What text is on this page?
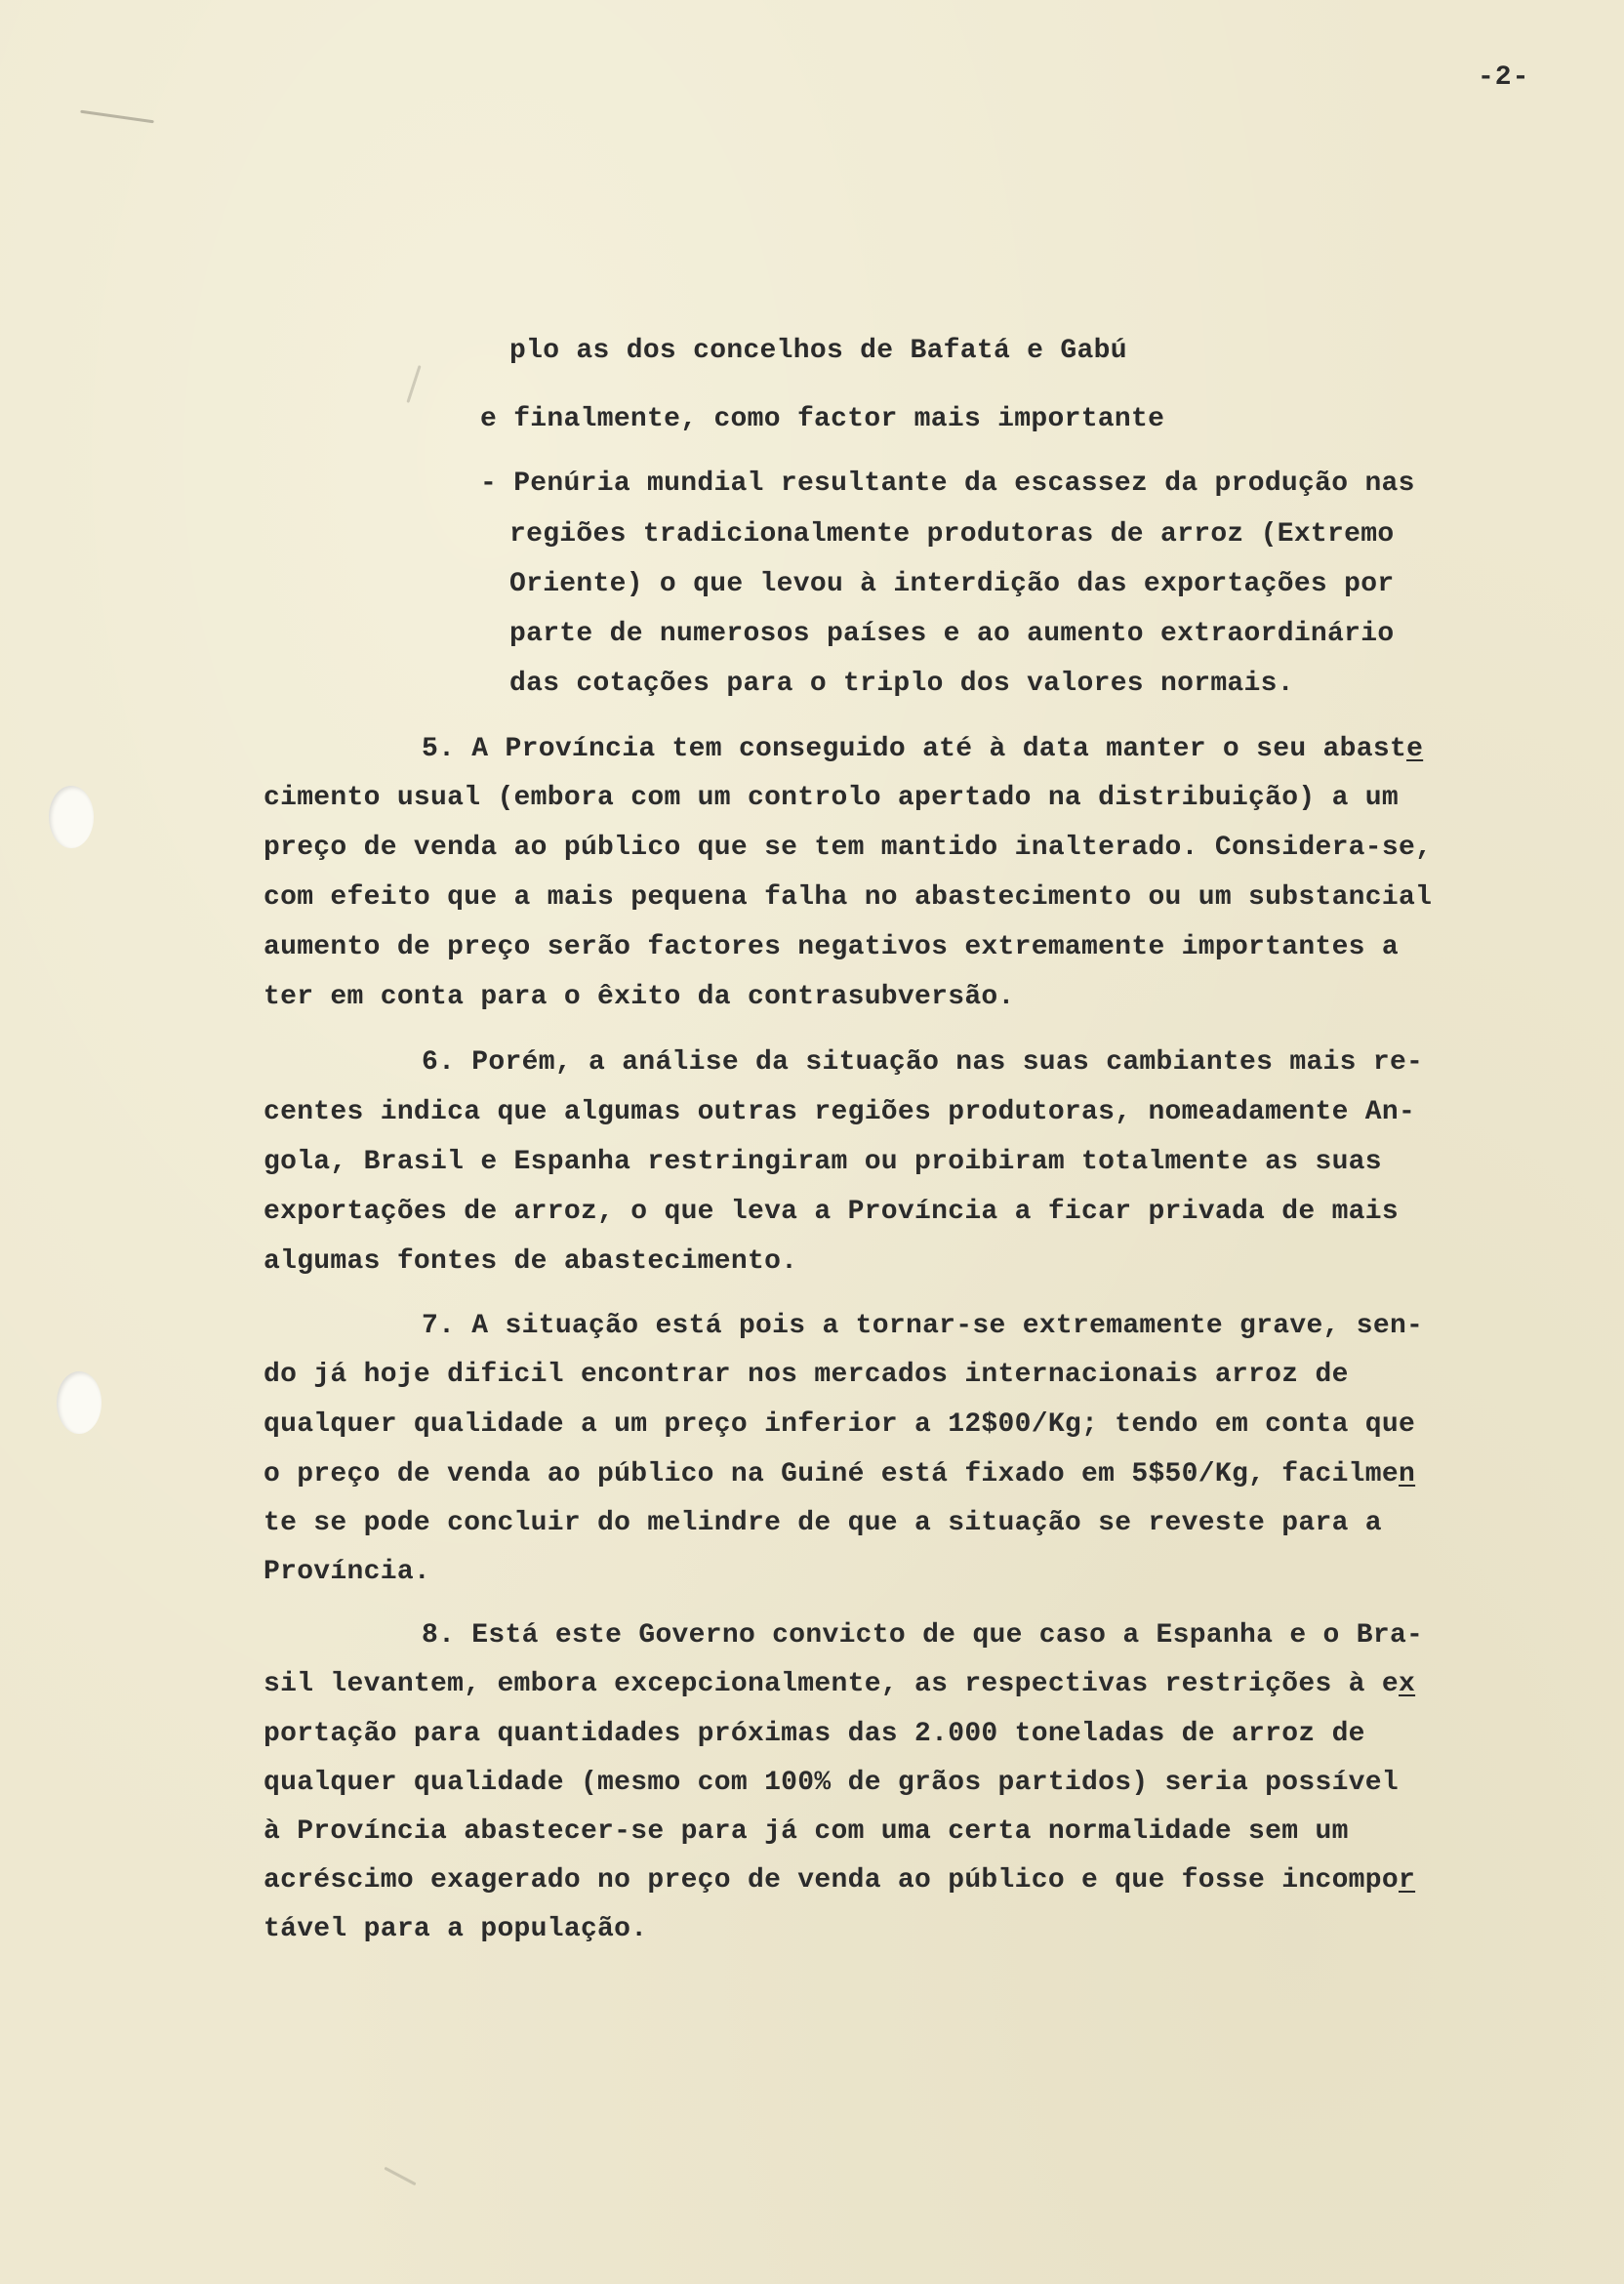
-2-
plo as dos concelhos de Bafatá e Gabú
e finalmente, como factor mais importante
- Penúria mundial resultante da escassez da produção nas
regiões tradicionalmente produtoras de arroz (Extremo
Oriente) o que levou à interdição das exportações por
parte de numerosos países e ao aumento extraordinário
das cotações para o triplo dos valores normais.
5. A Província tem conseguido até à data manter o seu abaste
cimento usual (embora com um controlo apertado na distribuição) a um
preço de venda ao público que se tem mantido inalterado. Considera-se,
com efeito que a mais pequena falha no abastecimento ou um substancial
aumento de preço serão factores negativos extremamente importantes a
ter em conta para o êxito da contrasubversão.
6. Porém, a análise da situação nas suas cambiantes mais re-
centes indica que algumas outras regiões produtoras, nomeadamente An-
gola, Brasil e Espanha restringiram ou proibiram totalmente as suas
exportações de arroz, o que leva a Província a ficar privada de mais
algumas fontes de abastecimento.
7. A situação está pois a tornar-se extremamente grave, sen-
do já hoje dificil encontrar nos mercados internacionais arroz de
qualquer qualidade a um preço inferior a 12$00/Kg; tendo em conta que
o preço de venda ao público na Guiné está fixado em 5$50/Kg, facilmen
te se pode concluir do melindre de que a situação se reveste para a
Província.
8. Está este Governo convicto de que caso a Espanha e o Bra-
sil levantem, embora excepcionalmente, as respectivas restrições à ex
portação para quantidades próximas das 2.000 toneladas de arroz de
qualquer qualidade (mesmo com 100% de grãos partidos) seria possível
à Província abastecer-se para já com uma certa normalidade sem um
acréscimo exagerado no preço de venda ao público e que fosse incompor
tável para a população.
